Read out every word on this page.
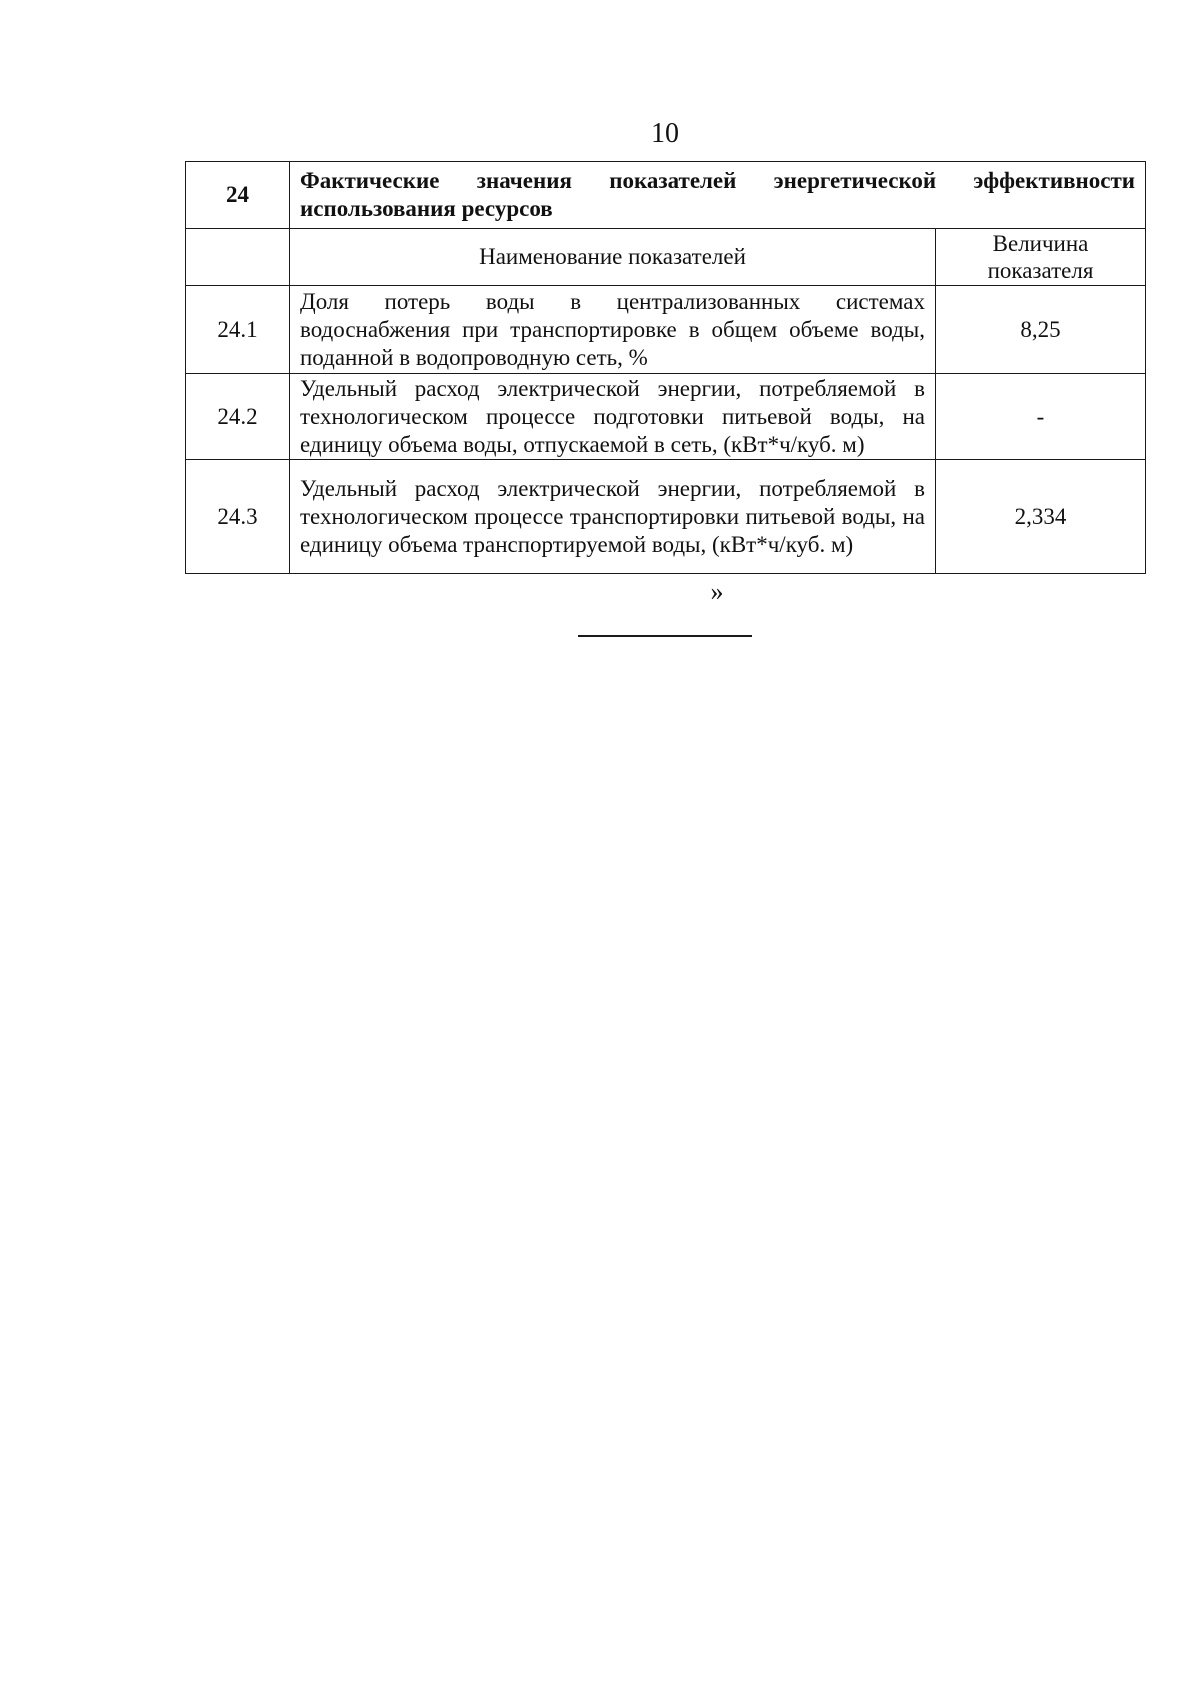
10
24	Фактические значения показателей энергетической эффективности использования ресурсов	
	Наименование показателей	Величина показателя
24.1	Доля потерь воды в централизованных системах водоснабжения при транспортировке в общем объеме воды, поданной в водопроводную сеть, %	8,25
24.2	Удельный расход электрической энергии, потребляемой в технологическом процессе подготовки питьевой воды, на единицу объема воды, отпускаемой в сеть, (кВт*ч/куб. м)	-
24.3	Удельный расход электрической энергии, потребляемой в технологическом процессе транспортировки питьевой воды, на единицу объема транспортируемой воды, (кВт*ч/куб. м)	2,334
»
